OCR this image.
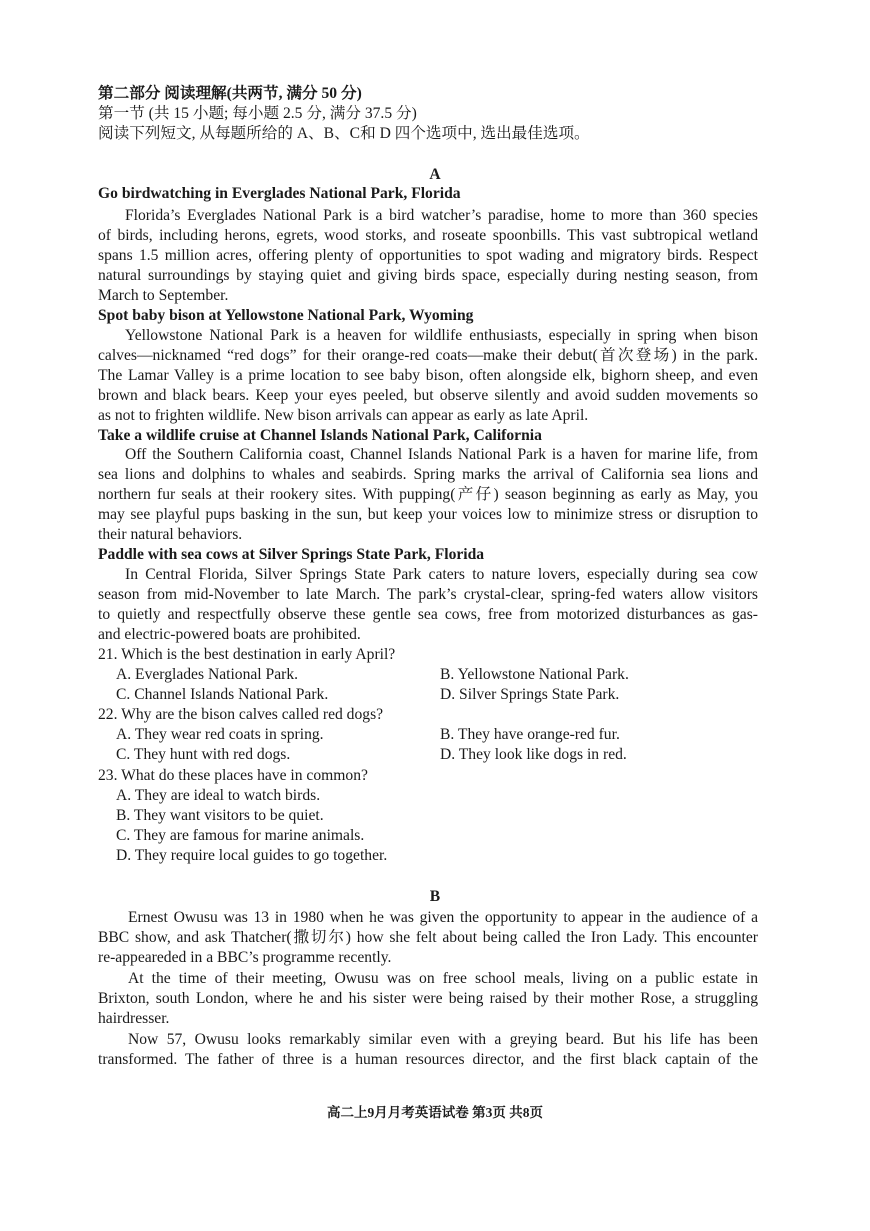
第二部分 阅读理解(共两节, 满分 50 分)
第一节 (共 15 小题; 每小题 2.5 分, 满分 37.5 分)
阅读下列短文, 从每题所给的 A、B、C和 D 四个选项中, 选出最佳选项。
A
Go birdwatching in Everglades National Park, Florida
Florida’s Everglades National Park is a bird watcher’s paradise, home to more than 360 species
of birds, including herons, egrets, wood storks, and roseate spoonbills. This vast subtropical wetland
spans 1.5 million acres, offering plenty of opportunities to spot wading and migratory birds. Respect
natural surroundings by staying quiet and giving birds space, especially during nesting season, from
March to September.
Spot baby bison at Yellowstone National Park, Wyoming
Yellowstone National Park is a heaven for wildlife enthusiasts, especially in spring when bison
calves—nicknamed “red dogs” for their orange-red coats—make their debut(首次登场) in the park.
The Lamar Valley is a prime location to see baby bison, often alongside elk, bighorn sheep, and even
brown and black bears. Keep your eyes peeled, but observe silently and avoid sudden movements so
as not to frighten wildlife. New bison arrivals can appear as early as late April.
Take a wildlife cruise at Channel Islands National Park, California
Off the Southern California coast, Channel Islands National Park is a haven for marine life, from
sea lions and dolphins to whales and seabirds. Spring marks the arrival of California sea lions and
northern fur seals at their rookery sites. With pupping(产仔) season beginning as early as May, you
may see playful pups basking in the sun, but keep your voices low to minimize stress or disruption to
their natural behaviors.
Paddle with sea cows at Silver Springs State Park, Florida
In Central Florida, Silver Springs State Park caters to nature lovers, especially during sea cow
season from mid-November to late March. The park’s crystal-clear, spring-fed waters allow visitors
to quietly and respectfully observe these gentle sea cows, free from motorized disturbances as gas-
and electric-powered boats are prohibited.
21. Which is the best destination in early April?
A. Everglades National Park.	B. Yellowstone National Park.
C. Channel Islands National Park.	D. Silver Springs State Park.
22. Why are the bison calves called red dogs?
A. They wear red coats in spring.	B. They have orange-red fur.
C. They hunt with red dogs.	D. They look like dogs in red.
23. What do these places have in common?
A. They are ideal to watch birds.
B. They want visitors to be quiet.
C. They are famous for marine animals.
D. They require local guides to go together.
B
Ernest Owusu was 13 in 1980 when he was given the opportunity to appear in the audience of a
BBC show, and ask Thatcher(撒切尔) how she felt about being called the Iron Lady. This encounter
re-appeareded in a BBC’s programme recently.
At the time of their meeting, Owusu was on free school meals, living on a public estate in
Brixton, south London, where he and his sister were being raised by their mother Rose, a struggling
hairdresser.
Now 57, Owusu looks remarkably similar even with a greying beard. But his life has been
transformed. The father of three is a human resources director, and the first black captain of the
高二上9月月考英语试卷 第3页 共8页
